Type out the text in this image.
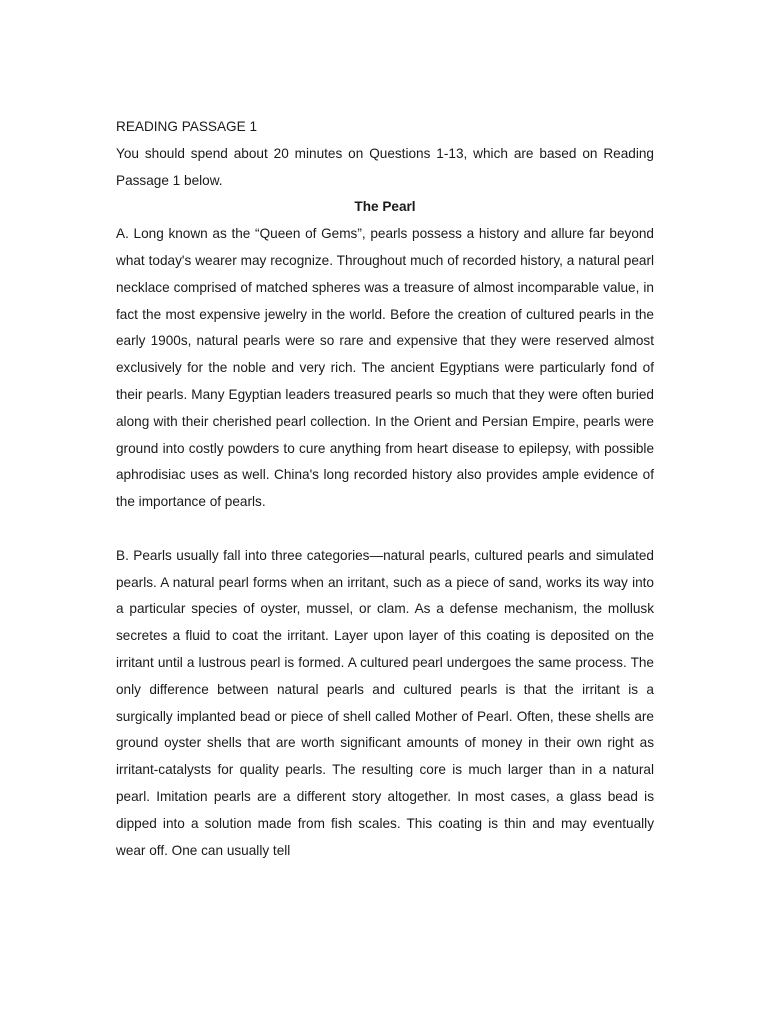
READING PASSAGE 1

You should spend about 20 minutes on Questions 1-13, which are based on Reading Passage 1 below.

The Pearl

A. Long known as the “Queen of Gems”, pearls possess a history and allure far beyond what today's wearer may recognize. Throughout much of recorded history, a natural pearl necklace comprised of matched spheres was a treasure of almost incomparable value, in fact the most expensive jewelry in the world. Before the creation of cultured pearls in the early 1900s, natural pearls were so rare and expensive that they were reserved almost exclusively for the noble and very rich. The ancient Egyptians were particularly fond of their pearls. Many Egyptian leaders treasured pearls so much that they were often buried along with their cherished pearl collection. In the Orient and Persian Empire, pearls were ground into costly powders to cure anything from heart disease to epilepsy, with possible aphrodisiac uses as well. China's long recorded history also provides ample evidence of the importance of pearls.

B. Pearls usually fall into three categories—natural pearls, cultured pearls and simulated pearls. A natural pearl forms when an irritant, such as a piece of sand, works its way into a particular species of oyster, mussel, or clam. As a defense mechanism, the mollusk secretes a fluid to coat the irritant. Layer upon layer of this coating is deposited on the irritant until a lustrous pearl is formed. A cultured pearl undergoes the same process. The only difference between natural pearls and cultured pearls is that the irritant is a surgically implanted bead or piece of shell called Mother of Pearl. Often, these shells are ground oyster shells that are worth significant amounts of money in their own right as irritant-catalysts for quality pearls. The resulting core is much larger than in a natural pearl. Imitation pearls are a different story altogether. In most cases, a glass bead is dipped into a solution made from fish scales. This coating is thin and may eventually wear off. One can usually tell
